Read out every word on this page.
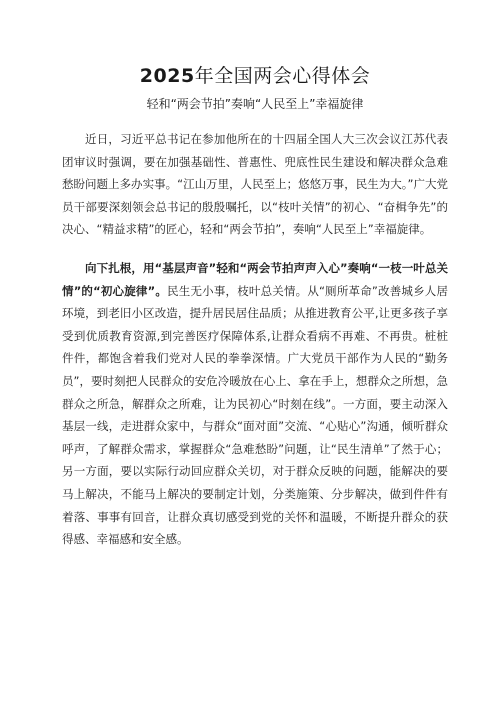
2025年全国两会心得体会

轻和“两会节拍”奏响“人民至上”幸福旋律

近日，习近平总书记在参加他所在的十四届全国人大三次会议江苏代表团审议时强调，要在加强基础性、普惠性、兜底性民生建设和解决群众急难愁盼问题上多办实事。“江山万里，人民至上；悠悠万事，民生为大。”广大党员干部要深刻领会总书记的殷殷嘱托，以“枝叶关情”的初心、“奋楫争先”的决心、“精益求精”的匠心，轻和“两会节拍”，奏响“人民至上”幸福旋律。

向下扎根，用“基层声音”轻和“两会节拍声声入心”奏响“一枝一叶总关情”的“初心旋律”。民生无小事，枝叶总关情。从“厕所革命”改善城乡人居环境，到老旧小区改造，提升居民居住品质；从推进教育公平,让更多孩子享受到优质教育资源,到完善医疗保障体系,让群众看病不再难、不再贵。桩桩件件，都饱含着我们党对人民的拳拳深情。广大党员干部作为人民的“勤务员”，要时刻把人民群众的安危冷暖放在心上、拿在手上，想群众之所想，急群众之所急，解群众之所难，让为民初心“时刻在线”。一方面，要主动深入基层一线，走进群众家中，与群众“面对面”交流、“心贴心”沟通，倾听群众呼声，了解群众需求，掌握群众“急难愁盼”问题，让“民生清单”了然于心；另一方面，要以实际行动回应群众关切，对于群众反映的问题，能解决的要马上解决，不能马上解决的要制定计划，分类施策、分步解决，做到件件有着落、事事有回音，让群众真切感受到党的关怀和温暖，不断提升群众的获得感、幸福感和安全感。
